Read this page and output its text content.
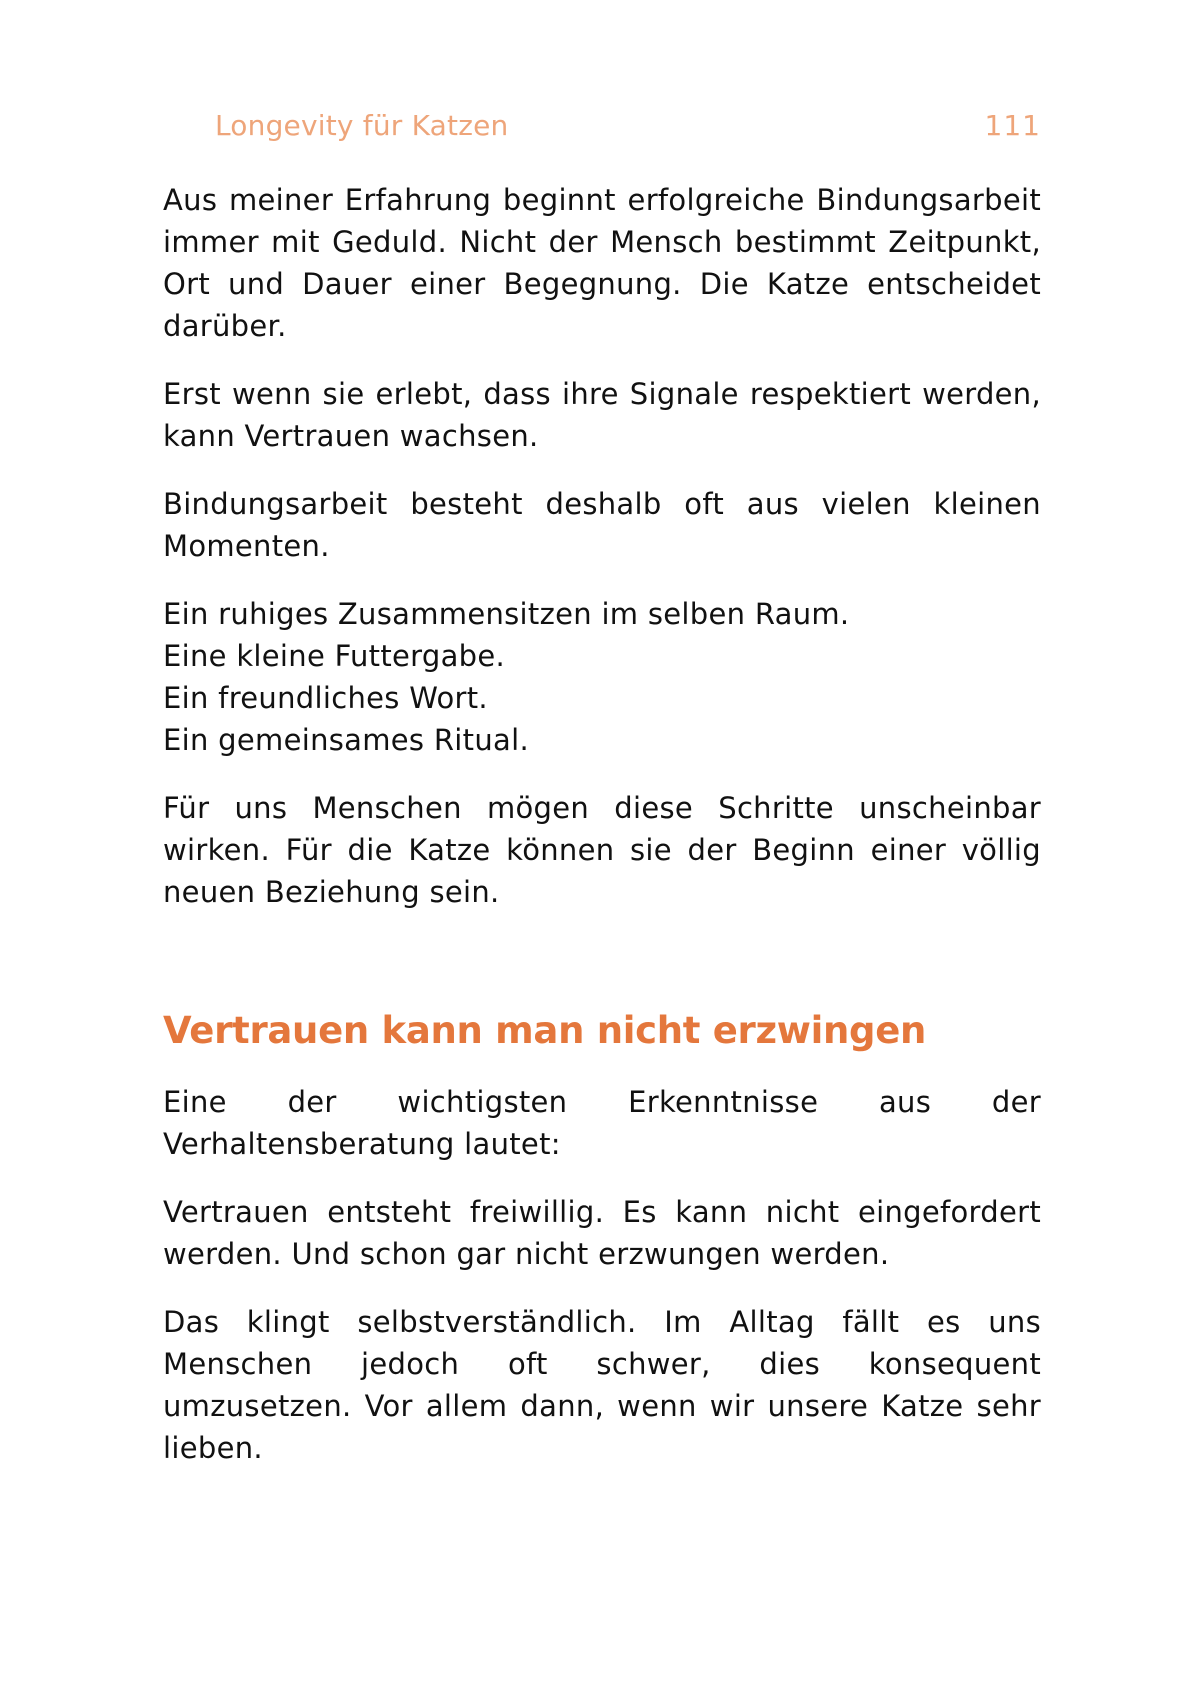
Longevity für Katzen	111

Aus meiner Erfahrung beginnt erfolgreiche Bindungsarbeit immer mit Geduld. Nicht der Mensch bestimmt Zeitpunkt, Ort und Dauer einer Begegnung. Die Katze entscheidet darüber.

Erst wenn sie erlebt, dass ihre Signale respektiert werden, kann Vertrauen wachsen.

Bindungsarbeit besteht deshalb oft aus vielen kleinen Momenten.

Ein ruhiges Zusammensitzen im selben Raum.
Eine kleine Futtergabe.
Ein freundliches Wort.
Ein gemeinsames Ritual.

Für uns Menschen mögen diese Schritte unscheinbar wirken. Für die Katze können sie der Beginn einer völlig neuen Beziehung sein.

Vertrauen kann man nicht erzwingen

Eine der wichtigsten Erkenntnisse aus der

Verhaltensberatung lautet:

Vertrauen entsteht freiwillig. Es kann nicht eingefordert werden. Und schon gar nicht erzwungen werden.

Das klingt selbstverständlich. Im Alltag fällt es uns Menschen jedoch oft schwer, dies konsequent umzusetzen. Vor allem dann, wenn wir unsere Katze sehr lieben.
